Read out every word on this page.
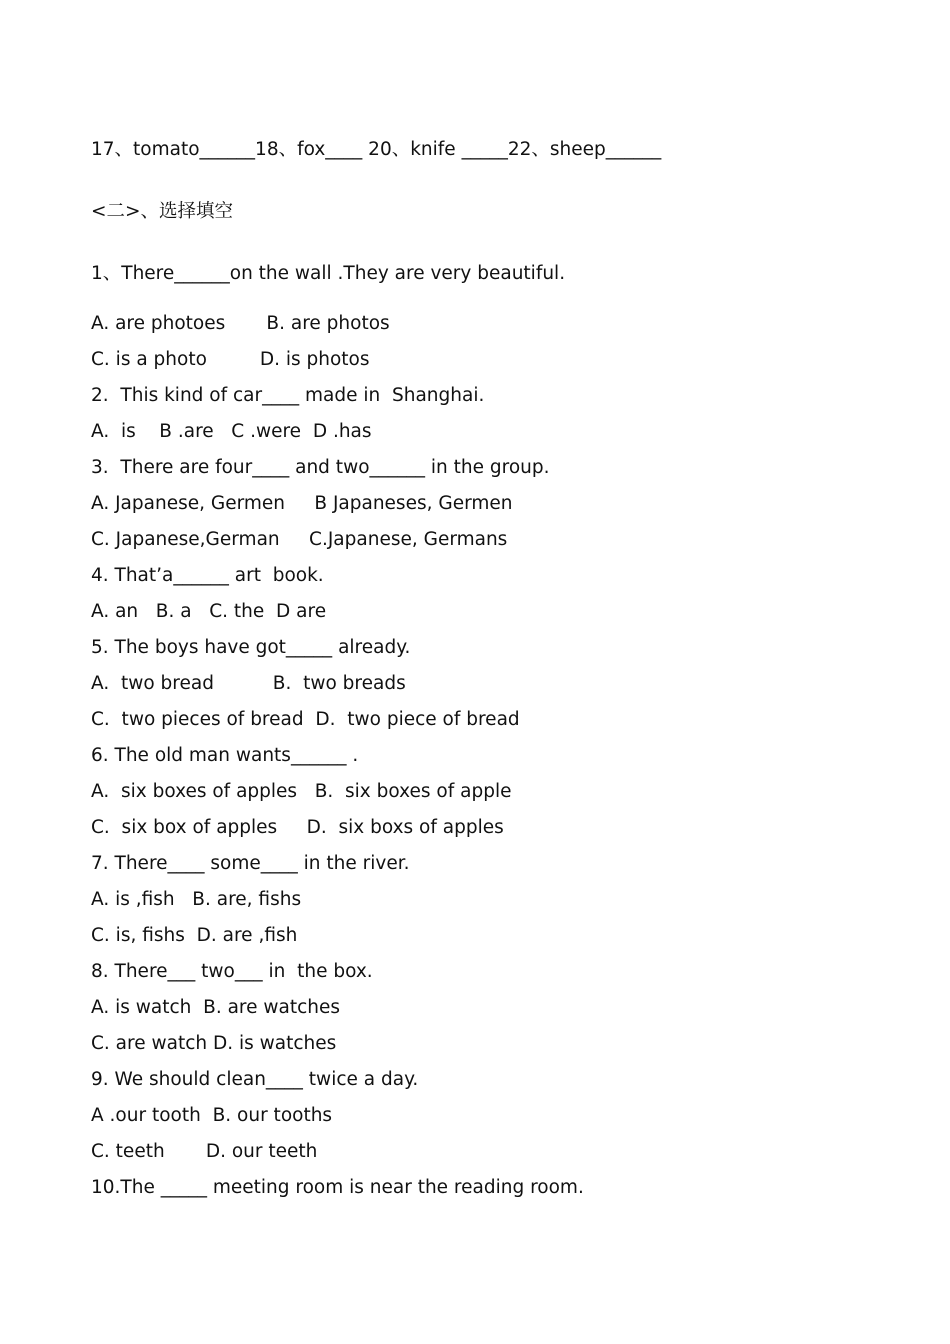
17、tomato______18、fox____ 20、knife _____22、sheep______
<二>、选择填空
1、There______on the wall .They are very beautiful.
A. are photoes       B. are photos
C. is a photo         D. is photos
2.  This kind of car____ made in  Shanghai.
A.  is    B .are   C .were  D .has
3.  There are four____ and two______ in the group.
A. Japanese, Germen     B Japaneses, Germen
C. Japanese,German     C.Japanese, Germans
4. That’a______ art  book.
A. an   B. a   C. the  D are
5. The boys have got_____ already.
A.  two bread          B.  two breads
C.  two pieces of bread  D.  two piece of bread
6. The old man wants______ .
A.  six boxes of apples   B.  six boxes of apple
C.  six box of apples     D.  six boxs of apples
7. There____ some____ in the river.
A. is ,fish   B. are, fishs
C. is, fishs  D. are ,fish
8. There___ two___ in  the box.
A. is watch  B. are watches
C. are watch D. is watches
9. We should clean____ twice a day.
A .our tooth  B. our tooths
C. teeth       D. our teeth
10.The _____ meeting room is near the reading room.
